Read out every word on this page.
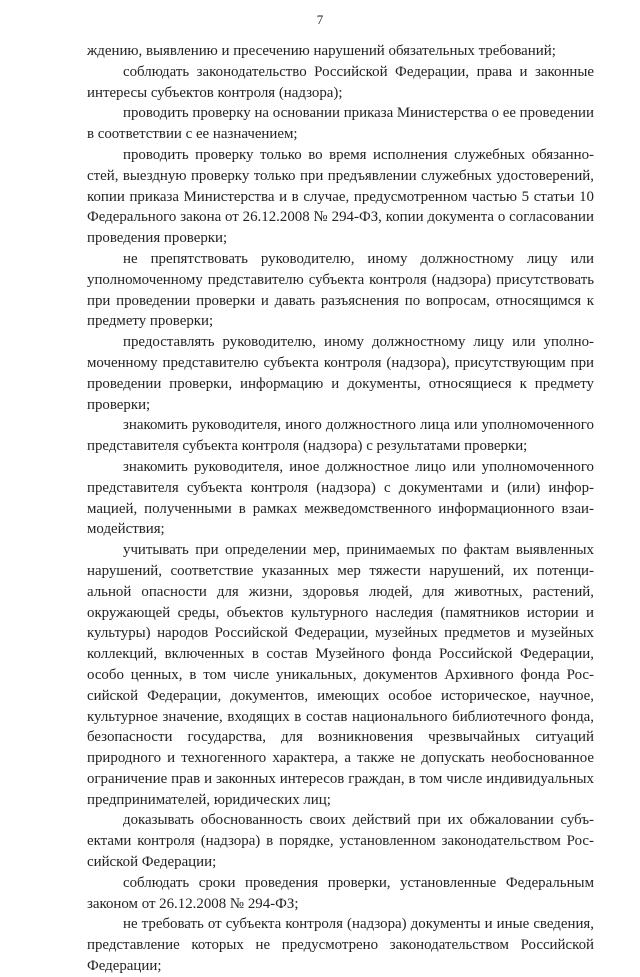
7

ждению, выявлению и пресечению нарушений обязательных требований;

соблюдать законодательство Российской Федерации, права и законные интересы субъектов контроля (надзора);

проводить проверку на основании приказа Министерства о ее проведении в соответствии с ее назначением;

проводить проверку только во время исполнения служебных обязанностей, выездную проверку только при предъявлении служебных удостоверений, копии приказа Министерства и в случае, предусмотренном частью 5 статьи 10 Федерального закона от 26.12.2008 № 294-ФЗ, копии документа о согласовании проведения проверки;

не препятствовать руководителю, иному должностному лицу или уполномоченному представителю субъекта контроля (надзора) присутствовать при проведении проверки и давать разъяснения по вопросам, относящимся к предмету проверки;

предоставлять руководителю, иному должностному лицу или уполномоченному представителю субъекта контроля (надзора), присутствующим при проведении проверки, информацию и документы, относящиеся к предмету проверки;

знакомить руководителя, иного должностного лица или уполномоченного представителя субъекта контроля (надзора) с результатами проверки;

знакомить руководителя, иное должностное лицо или уполномоченного представителя субъекта контроля (надзора) с документами и (или) информацией, полученными в рамках межведомственного информационного взаимодействия;

учитывать при определении мер, принимаемых по фактам выявленных нарушений, соответствие указанных мер тяжести нарушений, их потенциальной опасности для жизни, здоровья людей, для животных, растений, окружающей среды, объектов культурного наследия (памятников истории и культуры) народов Российской Федерации, музейных предметов и музейных коллекций, включенных в состав Музейного фонда Российской Федерации, особо ценных, в том числе уникальных, документов Архивного фонда Российской Федерации, документов, имеющих особое историческое, научное, культурное значение, входящих в состав национального библиотечного фонда, безопасности государства, для возникновения чрезвычайных ситуаций природного и техногенного характера, а также не допускать необоснованное ограничение прав и законных интересов граждан, в том числе индивидуальных предпринимателей, юридических лиц;

доказывать обоснованность своих действий при их обжаловании субъектами контроля (надзора) в порядке, установленном законодательством Российской Федерации;

соблюдать сроки проведения проверки, установленные Федеральным законом от 26.12.2008 № 294-ФЗ;

не требовать от субъекта контроля (надзора) документы и иные сведения, представление которых не предусмотрено законодательством Российской Федерации;
